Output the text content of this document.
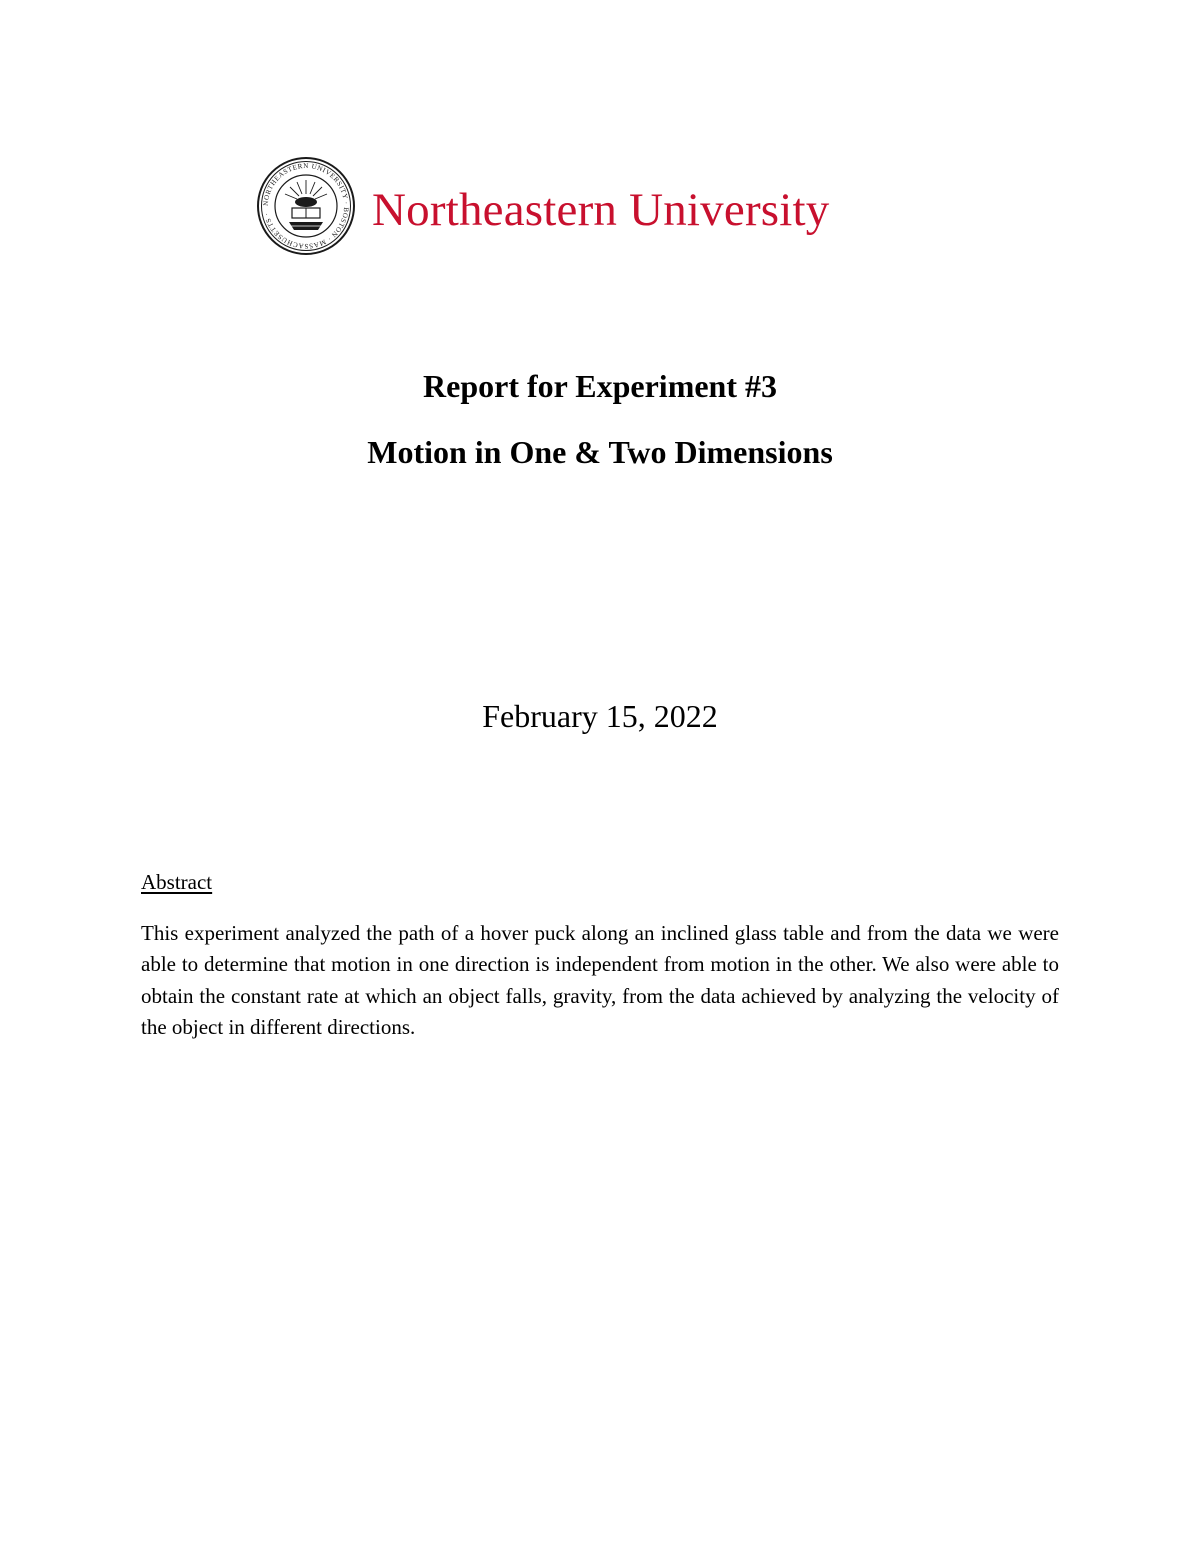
NORTHEASTERN UNIVERSITY · BOSTON · MASSACHUSETTS ·	Northeastern University
Report for Experiment #3
Motion in One & Two Dimensions
February 15, 2022
Abstract
This experiment analyzed the path of a hover puck along an inclined glass table and from the data we were able to determine that motion in one direction is independent from motion in the other. We also were able to obtain the constant rate at which an object falls, gravity, from the data achieved by analyzing the velocity of the object in different directions.
